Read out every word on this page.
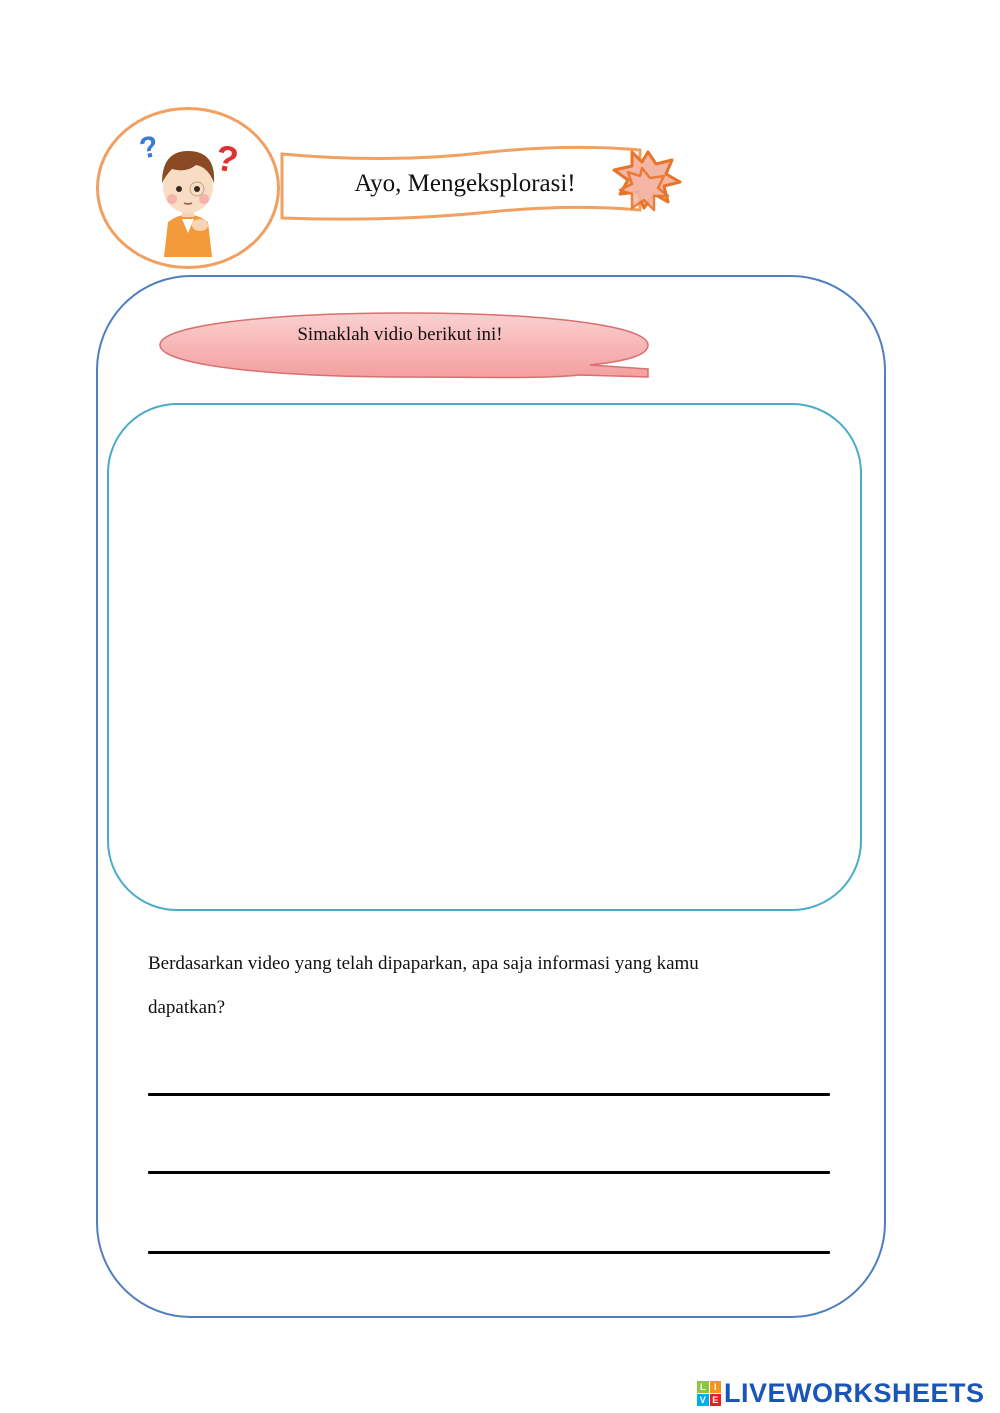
? ?
Ayo, Mengeksplorasi!
Simaklah vidio berikut ini!
Berdasarkan video yang telah dipaparkan, apa saja informasi yang kamu
dapatkan?
L I
V E LIVEWORKSHEETS
